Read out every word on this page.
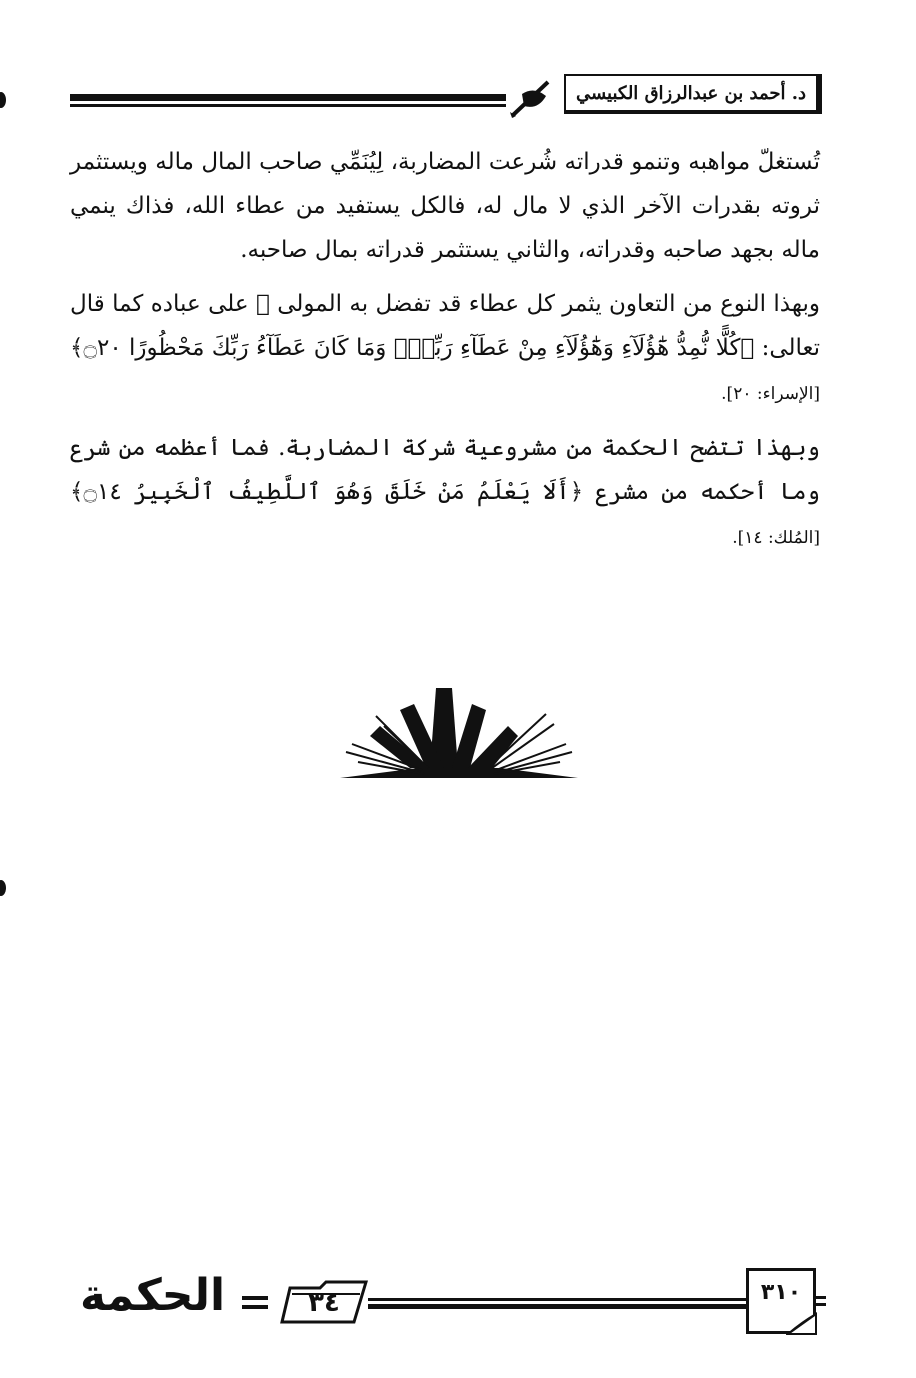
د. أحمد بن عبدالرزاق الكبيسي

تُستغلّ مواهبه وتنمو قدراته شُرعت المضاربة، لِيُنَمِّي صاحب المال ماله ويستثمر ثروته بقدرات الآخر الذي لا مال له، فالكل يستفيد من عطاء الله، فذاك ينمي ماله بجهد صاحبه وقدراته، والثاني يستثمر قدراته بمال صاحبه.

وبهذا النوع من التعاون يثمر كل عطاء قد تفضل به المولى ﷻ على عباده كما قال تعالى: ﴿كُلًّا نُّمِدُّ هَٰٓؤُلَآءِ وَهَٰٓؤُلَآءِ مِنْ عَطَآءِ رَبِّكَۚ وَمَا كَانَ عَطَآءُ رَبِّكَ مَحْظُورًا ۝٢٠﴾ [الإسراء: ٢٠].

وبهذا تتضح الحكمة من مشروعية شركة المضاربة. فما أعظمه من شرع وما أحكمه من مشرع ﴿أَلَا يَعْلَمُ مَنْ خَلَقَ وَهُوَ ٱللَّطِيفُ ٱلْخَبِيرُ ۝١٤﴾ [المُلك: ١٤].

الحكمة	٣٤	٣١٠
